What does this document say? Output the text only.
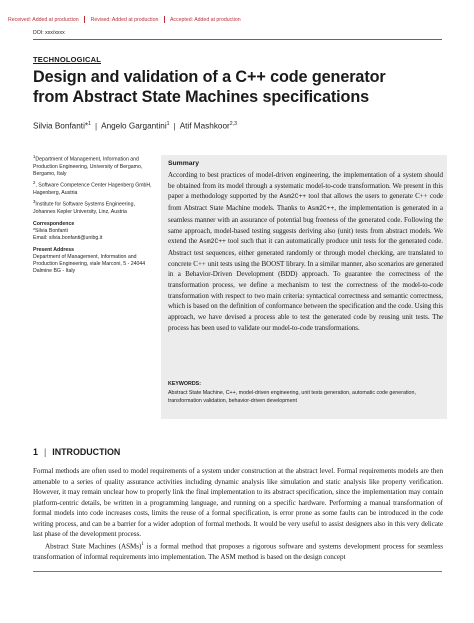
Received: Added at production Revised: Added at production Accepted: Added at production
DOI: xxx/xxxx
TECHNOLOGICAL
Design and validation of a C++ code generator
from Abstract State Machines specifications
Silvia Bonfanti*$^1$ | Angelo Gargantini$^1$ | Atif Mashkoor$^{2,3}$
$^1$Department of Management, Information and Production Engineering, University of Bergamo, Bergamo, Italy
$^2$, Software Competence Center Hagenberg GmbH, Hagenberg, Austria
$^3$Institute for Software Systems Engineering, Johannes Kepler University, Linz, Austria
Correspondence
*Silvia Bonfanti
Email: silvia.bonfanti@unibg.it
Present Address
Department of Management, Information and Production Engineering, viale Marconi, 5 - 24044 Dalmine BG - Italy
Summary
According to best practices of model-driven engineering, the implementation of a system should be obtained from its model through a systematic model-to-code transformation. We present in this paper a methodology supported by the Asm2C++ tool that allows the users to generate C++ code from Abstract State Machine models. Thanks to Asm2C++, the implementation is generated in a seamless manner with an assurance of potential bug freeness of the generated code. Following the same approach, model-based testing suggests deriving also (unit) tests from abstract models. We extend the Asm2C++ tool such that it can automatically produce unit tests for the generated code. Abstract test sequences, either generated randomly or through model checking, are translated to concrete C++ unit tests using the BOOST library. In a similar manner, also scenarios are generated in a Behavior-Driven Development (BDD) approach. To guarantee the correctness of the transformation process, we define a mechanism to test the correctness of the model-to-code transformation with respect to two main criteria: syntactical correctness and semantic correctness, which is based on the definition of conformance between the specification and the code. Using this approach, we have devised a process able to test the generated code by reusing unit tests. The process has been used to validate our model-to-code transformations.
KEYWORDS:
Abstract State Machine, C++, model-driven engineering, unit tests generation, automatic code generation, transformation validation, behavior-driven development
1 | INTRODUCTION

Formal methods are often used to model requirements of a system under construction at the abstract level. Formal requirements models are then amenable to a series of quality assurance activities including dynamic analysis like simulation and static analysis like property verification. However, it may remain unclear how to properly link the final implementation to its abstract specification, since the implementation may contain platform-centric details, be written in a programming language, and running on a specific hardware. Performing a manual transformation of formal models into code increases costs, limits the reuse of a formal specification, is error prone as some faults can be introduced in the code writing process, and can be a barrier for a wider adoption of formal methods. It would be very useful to assist designers also in this very delicate last phase of the development process.

Abstract State Machines (ASMs)$^1$ is a formal method that proposes a rigorous software and systems development process for seamless transformation of informal requirements into implementation. The ASM method is based on the design concept
